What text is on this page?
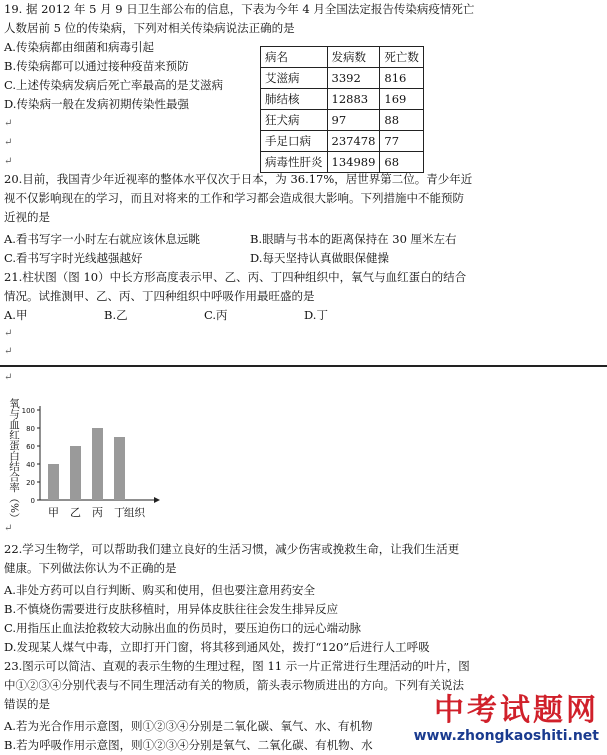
19. 据 2012 年 5 月 9 日卫生部公布的信息，下表为今年 4 月全国法定报告传染病疫情死亡
人数居前 5 位的传染病，下列对相关传染病说法正确的是
A.传染病都由细菌和病毒引起
B.传染病都可以通过接种疫苗来预防
C.上述传染病发病后死亡率最高的是艾滋病
D.传染病一般在发病初期传染性最强
↵
↵
↵
病名	发病数	死亡数
艾滋病	3392	816
肺结核	12883	169
狂犬病	97	88
手足口病	237478	77
病毒性肝炎	134989	68
20.目前，我国青少年近视率的整体水平仅次于日本，为 36.17%，居世界第二位。青少年近
视不仅影响现在的学习，而且对将来的工作和学习都会造成很大影响。下列措施中不能预防
近视的是
A.看书写字一小时左右就应该休息远眺	B.眼睛与书本的距离保持在 30 厘米左右
C.看书写字时光线越强越好	D.每天坚持认真做眼保健操
21.柱状图（图 10）中长方形高度表示甲、乙、丙、丁四种组织中，氧气与血红蛋白的结合
情况。试推测甲、乙、丙、丁四种组织中呼吸作用最旺盛的是
A.甲	B.乙	C.丙	D.丁
↵
↵
↵
氧与血红蛋白结合率（%） 0
20
40
60
80
100
甲 乙 丙 丁 组织
↵
22.学习生物学，可以帮助我们建立良好的生活习惯，减少伤害或挽救生命，让我们生活更
健康。下列做法你认为不正确的是
A.非处方药可以自行判断、购买和使用，但也要注意用药安全
B.不慎烧伤需要进行皮肤移植时，用异体皮肤往往会发生排异反应
C.用指压止血法抢救较大动脉出血的伤员时，要压迫伤口的远心端动脉
D.发现某人煤气中毒，立即打开门窗，将其移到通风处，拨打“120”后进行人工呼吸
23.图示可以简洁、直观的表示生物的生理过程，图 11 示一片正常进行生理活动的叶片，图
中①②③④分别代表与不同生理活动有关的物质，箭头表示物质进出的方向。下列有关说法
错误的是
A.若为光合作用示意图，则①②③④分别是二氧化碳、氧气、水、有机物
B.若为呼吸作用示意图，则①②③④分别是氧气、二氧化碳、有机物、水
中考试题网
www.zhongkaoshiti.net
